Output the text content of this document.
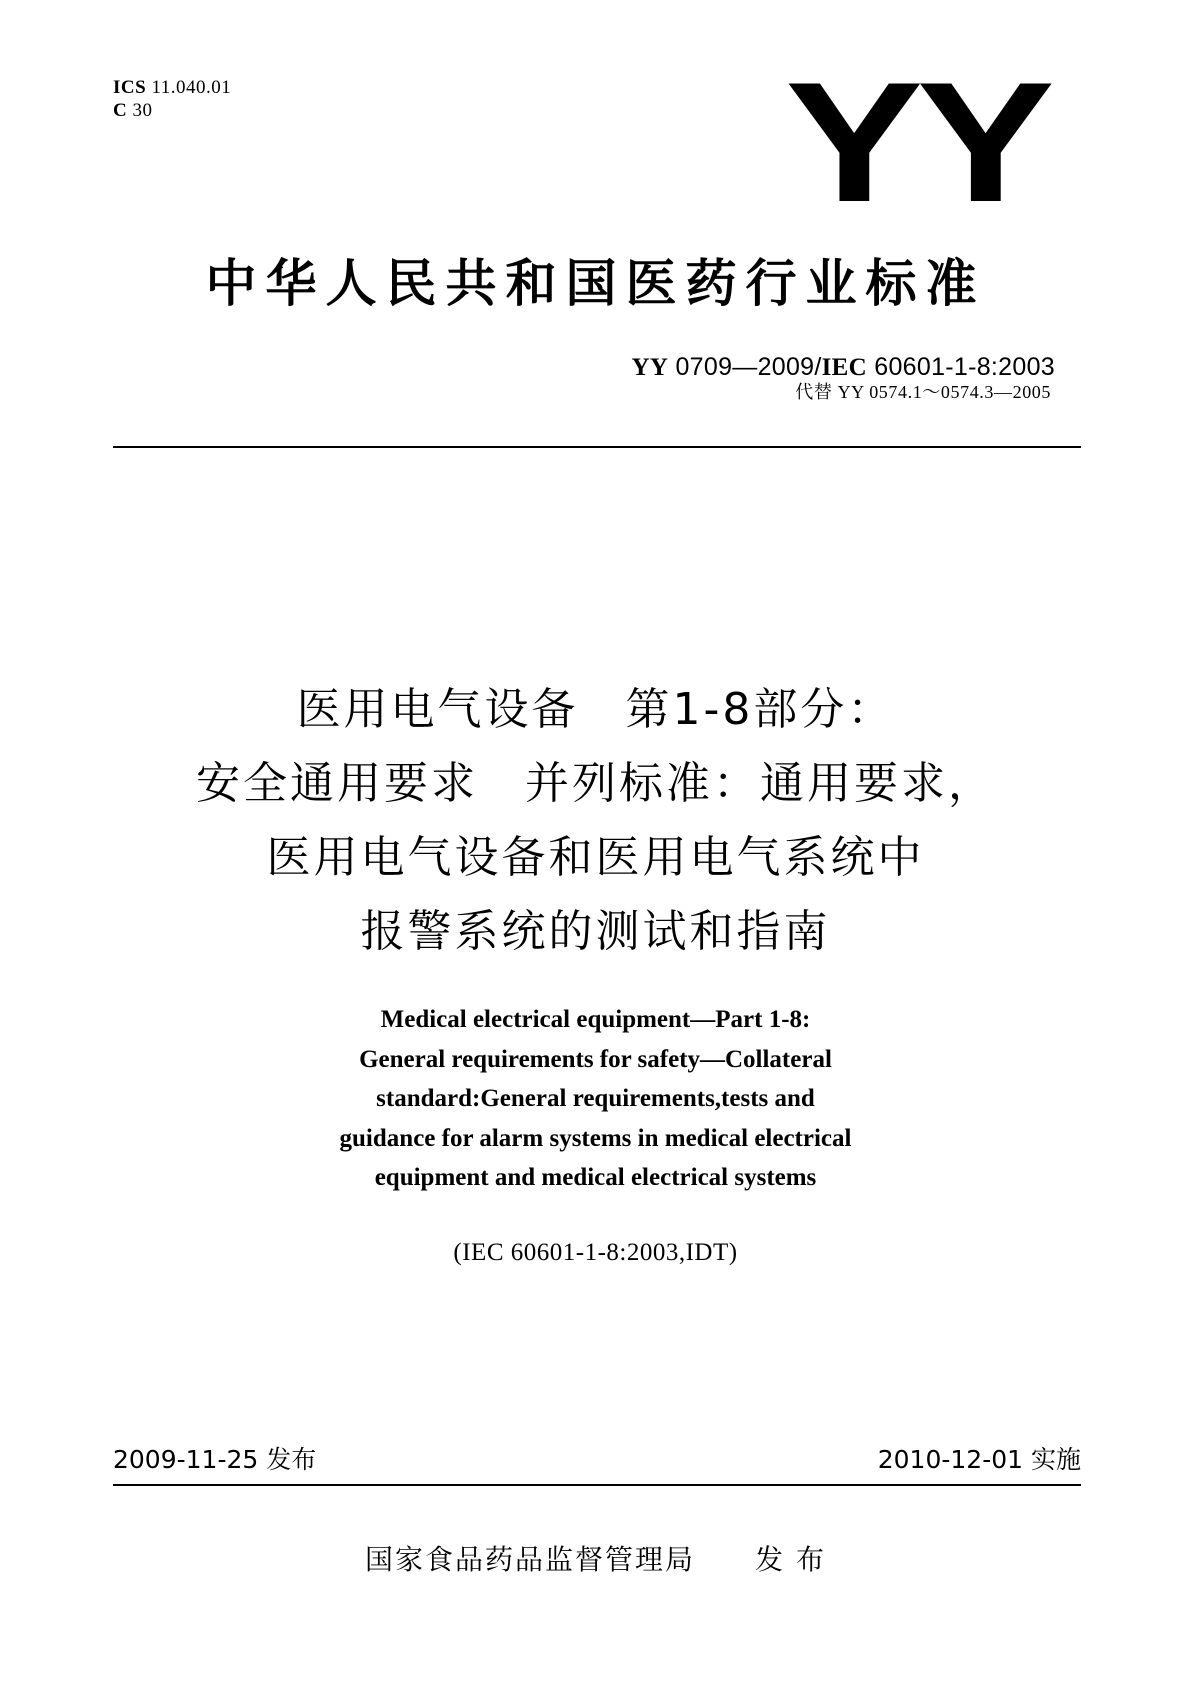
ICS 11.040.01
C 30	YY
中华人民共和国医药行业标准
YY 0709—2009/IEC 60601-1-8:2003
代替 YY 0574.1～0574.3—2005
医用电气设备　第1-8部分：
安全通用要求　并列标准：通用要求，
医用电气设备和医用电气系统中
报警系统的测试和指南
Medical electrical equipment—Part 1-8:
General requirements for safety—Collateral
standard:General requirements,tests and
guidance for alarm systems in medical electrical
equipment and medical electrical systems
(IEC 60601-1-8:2003,IDT)
2009-11-25 发布	2010-12-01 实施
国家食品药品监督管理局　　发 布
